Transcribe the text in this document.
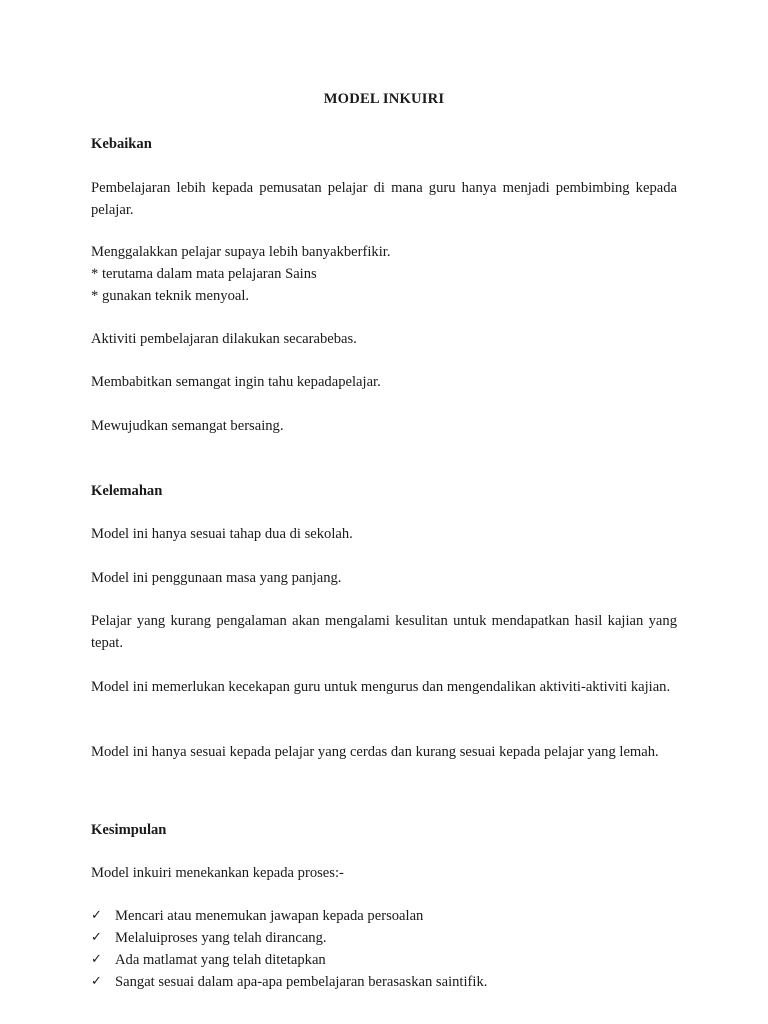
MODEL INKUIRI
Kebaikan
Pembelajaran lebih kepada pemusatan pelajar di mana guru hanya menjadi pembimbing kepada pelajar.
Menggalakkan pelajar supaya lebih banyakberfikir.
* terutama dalam mata pelajaran Sains
* gunakan teknik menyoal.
Aktiviti pembelajaran dilakukan secarabebas.
Membabitkan semangat ingin tahu kepadapelajar.
Mewujudkan semangat bersaing.
Kelemahan
Model ini hanya sesuai tahap dua di sekolah.
Model ini penggunaan masa yang panjang.
Pelajar yang kurang pengalaman akan mengalami kesulitan untuk mendapatkan hasil kajian yang tepat.
Model ini memerlukan kecekapan guru untuk mengurus dan mengendalikan aktiviti-aktiviti kajian.
Model ini hanya sesuai kepada pelajar yang cerdas dan kurang sesuai kepada pelajar yang lemah.
Kesimpulan
Model inkuiri menekankan kepada proses:-
✓ Mencari atau menemukan jawapan kepada persoalan
✓ Melaluiproses yang telah dirancang.
✓ Ada matlamat yang telah ditetapkan
✓ Sangat sesuai dalam apa-apa pembelajaran berasaskan saintifik.
